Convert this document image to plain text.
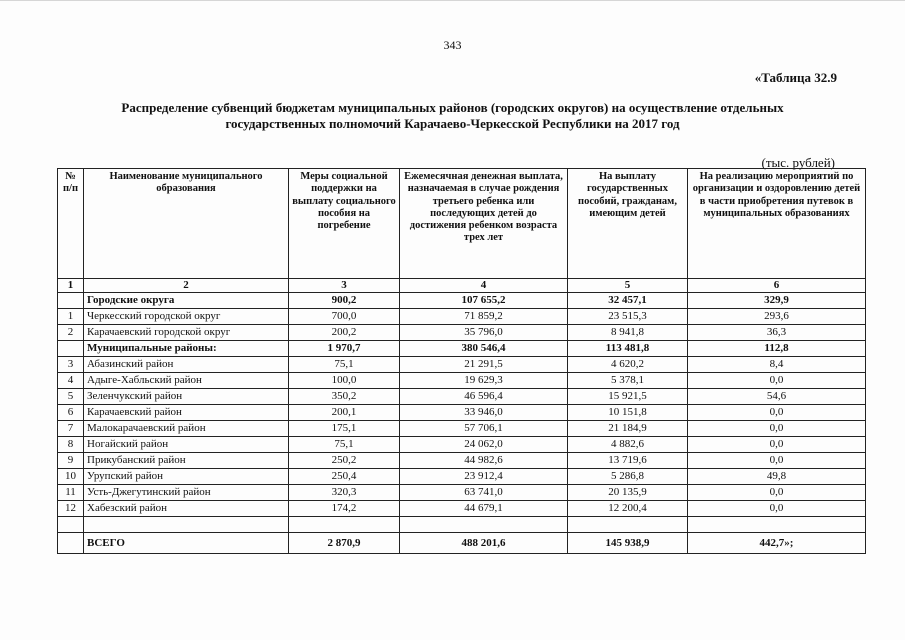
343
«Таблица 32.9
Распределение субвенций бюджетам муниципальных районов (городских округов) на осуществление отдельных
государственных полномочий Карачаево-Черкесской Республики на 2017 год
(тыс. рублей)
№ п/п	Наименование муниципального образования	Меры социальной поддержки на выплату социального пособия на погребение	Ежемесячная денежная выплата, назначаемая в случае рождения третьего ребенка или последующих детей до достижения ребенком возраста трех лет	На выплату государственных пособий, гражданам, имеющим детей	На реализацию мероприятий по организации и оздоровлению детей в части приобретения путевок в муниципальных образованиях
1	2	3	4	5	6
	Городские округа	900,2	107 655,2	32 457,1	329,9
1	Черкесский городской округ	700,0	71 859,2	23 515,3	293,6
2	Карачаевский городской округ	200,2	35 796,0	8 941,8	36,3
	Муниципальные районы:	1 970,7	380 546,4	113 481,8	112,8
3	Абазинский район	75,1	21 291,5	4 620,2	8,4
4	Адыге-Хабльский район	100,0	19 629,3	5 378,1	0,0
5	Зеленчукский район	350,2	46 596,4	15 921,5	54,6
6	Карачаевский район	200,1	33 946,0	10 151,8	0,0
7	Малокарачаевский район	175,1	57 706,1	21 184,9	0,0
8	Ногайский район	75,1	24 062,0	4 882,6	0,0
9	Прикубанский район	250,2	44 982,6	13 719,6	0,0
10	Урупский район	250,4	23 912,4	5 286,8	49,8
11	Усть-Джегутинский район	320,3	63 741,0	20 135,9	0,0
12	Хабезский район	174,2	44 679,1	12 200,4	0,0

	ВСЕГО	2 870,9	488 201,6	145 938,9	442,7»;
